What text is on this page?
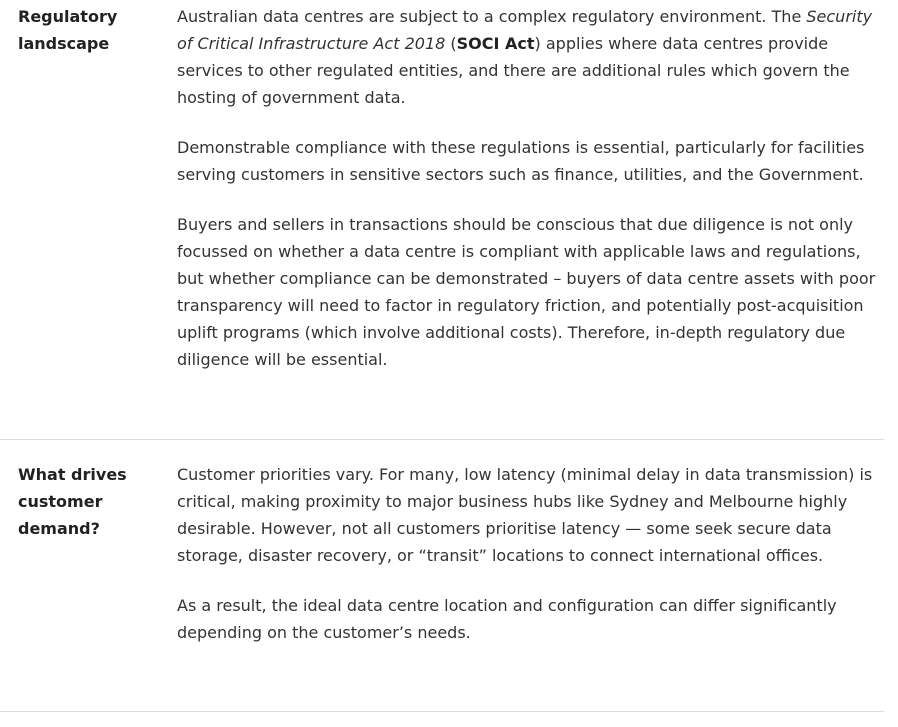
Regulatory landscape

Australian data centres are subject to a complex regulatory environment. The Security of Critical Infrastructure Act 2018 (SOCI Act) applies where data centres provide services to other regulated entities, and there are additional rules which govern the hosting of government data.

Demonstrable compliance with these regulations is essential, particularly for facilities serving customers in sensitive sectors such as finance, utilities, and the Government.

Buyers and sellers in transactions should be conscious that due diligence is not only focussed on whether a data centre is compliant with applicable laws and regulations, but whether compliance can be demonstrated – buyers of data centre assets with poor transparency will need to factor in regulatory friction, and potentially post-acquisition uplift programs (which involve additional costs). Therefore, in-depth regulatory due diligence will be essential.

What drives customer demand?

Customer priorities vary. For many, low latency (minimal delay in data transmission) is critical, making proximity to major business hubs like Sydney and Melbourne highly desirable. However, not all customers prioritise latency — some seek secure data storage, disaster recovery, or “transit” locations to connect international offices.

As a result, the ideal data centre location and configuration can differ significantly depending on the customer’s needs.
